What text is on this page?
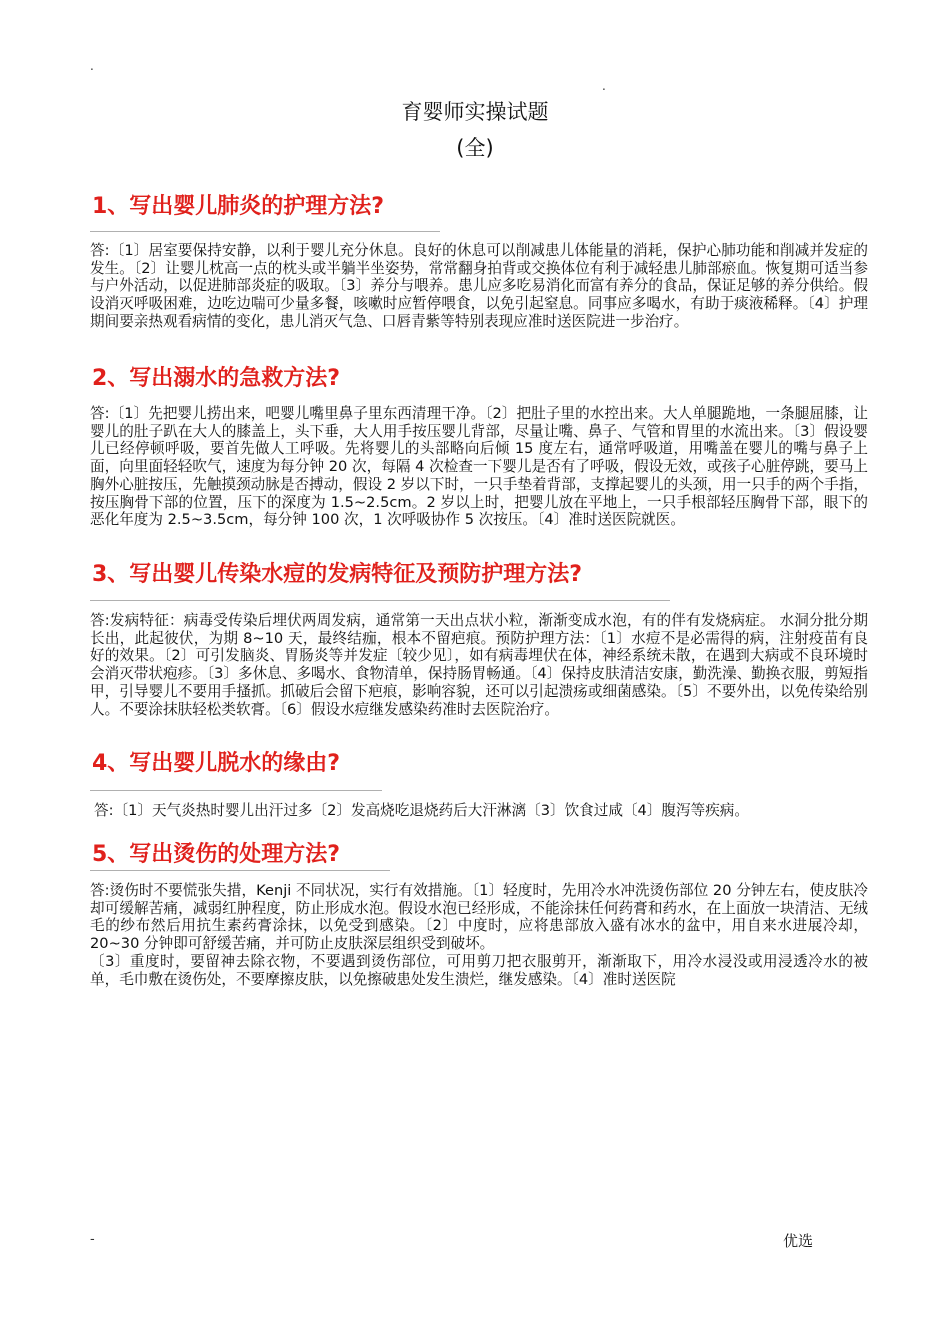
.
.
育婴师实操试题
(全)
1、写出婴儿肺炎的护理方法?
答:〔1〕居室要保持安静，以利于婴儿充分休息。良好的休息可以削减患儿体能量的消耗，保护心肺功能和削减并发症的发生。〔2〕让婴儿枕高一点的枕头或半躺半坐姿势，常常翻身拍背或交换体位有利于减轻患儿肺部瘀血。恢复期可适当参与户外活动，以促进肺部炎症的吸取。〔3〕养分与喂养。患儿应多吃易消化而富有养分的食品，保证足够的养分供给。假设消灭呼吸困难，边吃边喘可少量多餐，咳嗽时应暂停喂食，以免引起窒息。同事应多喝水，有助于痰液稀释。〔4〕护理期间要亲热观看病情的变化，患儿消灭气急、口唇青紫等特别表现应准时送医院进一步治疗。
2、写出溺水的急救方法?
答:〔1〕先把婴儿捞出来，吧婴儿嘴里鼻子里东西清理干净。〔2〕把肚子里的水控出来。大人单腿跪地，一条腿屈膝，让婴儿的肚子趴在大人的膝盖上，头下垂，大人用手按压婴儿背部，尽量让嘴、鼻子、气管和胃里的水流出来。〔3〕假设婴儿已经停顿呼吸，要首先做人工呼吸。先将婴儿的头部略向后倾 15 度左右，通常呼吸道，用嘴盖在婴儿的嘴与鼻子上面，向里面轻轻吹气，速度为每分钟 20 次，每隔 4 次检查一下婴儿是否有了呼吸，假设无效，或孩子心脏停跳，要马上胸外心脏按压，先触摸颈动脉是否搏动，假设 2 岁以下时，一只手垫着背部，支撑起婴儿的头颈，用一只手的两个手指，按压胸骨下部的位置，压下的深度为 1.5~2.5cm。2 岁以上时，把婴儿放在平地上，一只手根部轻压胸骨下部，眼下的恶化年度为 2.5~3.5cm，每分钟 100 次，1 次呼吸协作 5 次按压。〔4〕准时送医院就医。
3、写出婴儿传染水痘的发病特征及预防护理方法?
答:发病特征：病毒受传染后埋伏两周发病，通常第一天出点状小粒，渐渐变成水泡，有的伴有发烧病症。 水洞分批分期长出，此起彼伏，为期 8~10 天，最终结痂，根本不留疤痕。预防护理方法：〔1〕水痘不是必需得的病，注射疫苗有良好的效果。〔2〕可引发脑炎、胃肠炎等并发症〔较少见〕，如有病毒埋伏在体，神经系统未散，在遇到大病或不良环境时会消灭带状疱疹。〔3〕多休息、多喝水、食物清单，保持肠胃畅通。〔4〕保持皮肤清洁安康，勤洗澡、勤换衣服，剪短指甲，引导婴儿不要用手搔抓。抓破后会留下疤痕，影响容貌，还可以引起溃疡或细菌感染。〔5〕不要外出，以免传染给别人。不要涂抹肤轻松类软膏。〔6〕假设水痘继发感染药准时去医院治疗。
4、写出婴儿脱水的缘由?
答:〔1〕天气炎热时婴儿出汗过多〔2〕发高烧吃退烧药后大汗淋漓〔3〕饮食过咸〔4〕腹泻等疾病。
5、写出烫伤的处理方法?

答:烫伤时不要慌张失措，Kenji 不同状况，实行有效措施。〔1〕轻度时，先用冷水冲洗烫伤部位 20 分钟左右，使皮肤冷却可缓解苦痛，减弱红肿程度，防止形成水泡。假设水泡已经形成，不能涂抹任何药膏和药水，在上面放一块清洁、无绒毛的纱布然后用抗生素药膏涂抹，以免受到感染。〔2〕中度时，应将患部放入盛有冰水的盆中，用自来水进展冷却，20~30 分钟即可舒缓苦痛，并可防止皮肤深层组织受到破坏。

〔3〕重度时，要留神去除衣物，不要遇到烫伤部位，可用剪刀把衣服剪开，渐渐取下，用冷水浸没或用浸透冷水的被单，毛巾敷在烫伤处，不要摩擦皮肤，以免擦破患处发生溃烂，继发感染。〔4〕准时送医院

-	优选
